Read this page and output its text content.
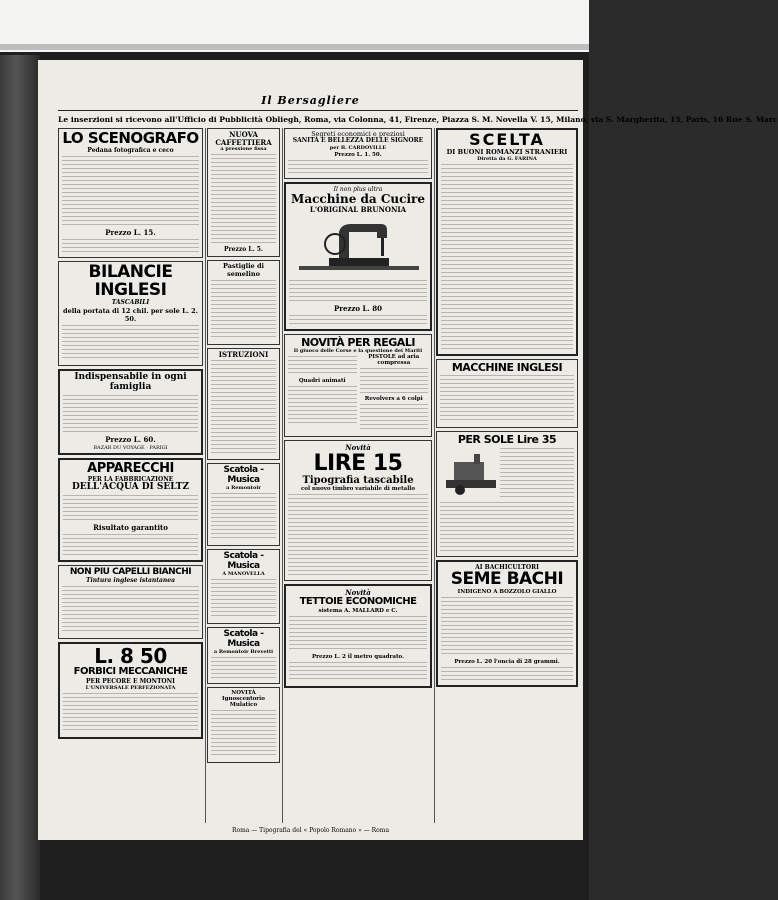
Il Bersagliere
Le inserzioni si ricevono all'Ufficio di Pubblicità Obliegh, Roma, via Colonna, 41, Firenze, Piazza S. M. Novella V. 15, Milano, via S. Margherita, 15, Paris, 16 Rue S. Marc
LO SCENOGRAFO
Pedana fotografica e ceco
Prezzo L. 15.
BILANCIE INGLESI
TASCABILI
della portata di 12 chil. per sole L. 2. 50.
Indispensabile in ogni famiglia
Prezzo L. 60.
BAZAR DU VOYAGE · PARIGI
APPARECCHI
PER LA FABBRICAZIONE
DELL'ACQUA DI SELTZ
Risultato garantito
NON PIU CAPELLI BIANCHI
Tintura inglese istantanea
L. 8 50
FORBICI MECCANICHE
PER PECORE E MONTONI
L'UNIVERSALE PERFEZIONATA
NUOVA CAFFETTIERA
a pressione fissa
Prezzo L. 5.
Pastiglie di semelino
ISTRUZIONI
Scatola - Musica
a Remontoir
Scatola - Musica
A MANOVELLA
Scatola - Musica
a Remontoir Brevetti
NOVITÀ
Ignoscentorio Mulatico
Segreti economici e preziosi
SANITÀ E BELLEZZA DELLE SIGNORE
per B. CARDOVILLE
Prezzo L. 1. 50.
Il non plus ultra
Macchine da Cucire
L'ORIGINAL BRUNONIA
Prezzo L. 80
NOVITÀ PER REGALI
Il giuoco delle Corse e la questione dei Mariti
Quadri animati
PISTOLE ad aria compressa
Revolvers a 6 colpi
Novità
LIRE 15
Tipografia tascabile
col nuovo timbro variabile di metallo
Novità
TETTOIE ECONOMICHE
sistema A. MALLARD e C.
Prezzo L. 2 il metro quadrato.
SCELTA
DI BUONI ROMANZI STRANIERI
Diretta da G. FARINA
MACCHINE INGLESI
PER SOLE Lire 35
AI BACHICULTORI
SEME BACHI
INDIGENO A BOZZOLO GIALLO
Prezzo L. 20 l'oncia di 28 grammi.
Roma — Tipografia del « Popolo Romano » — Roma
